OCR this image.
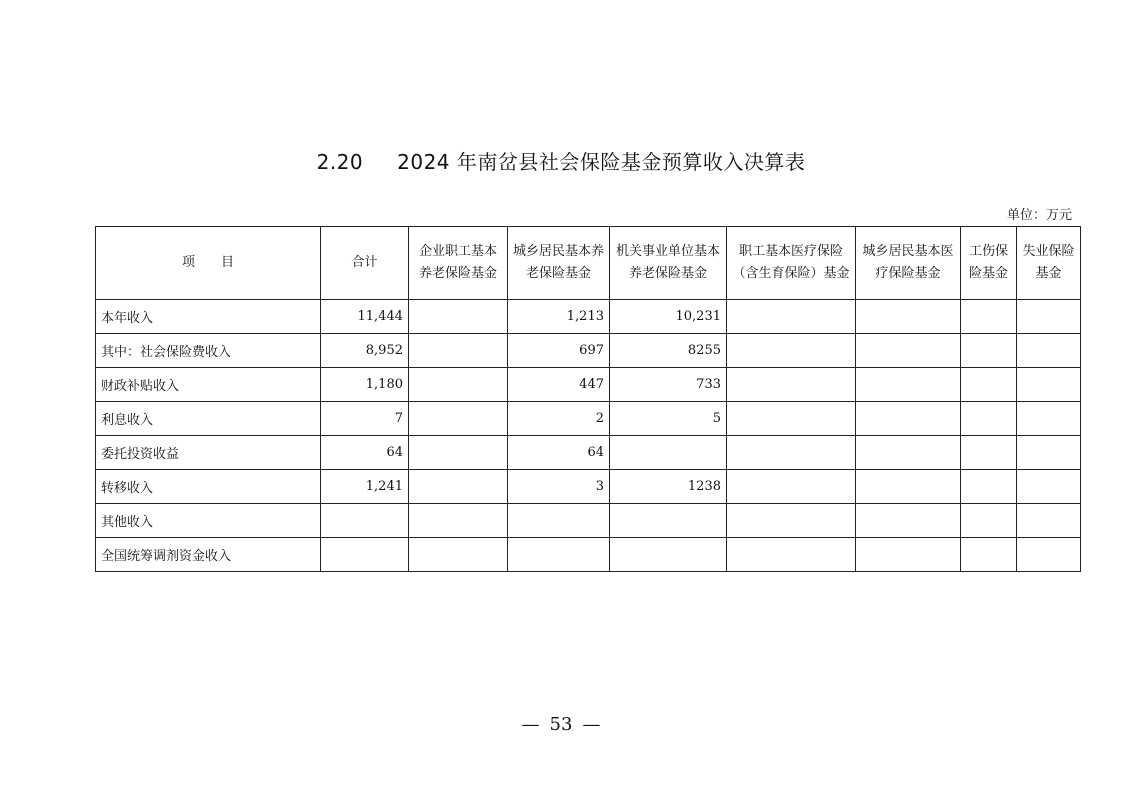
2.20 2024 年南岔县社会保险基金预算收入决算表
单位：万元
项　　目	合计	企业职工基本养老保险基金	城乡居民基本养老保险基金	机关事业单位基本养老保险基金	职工基本医疗保险（含生育保险）基金	城乡居民基本医疗保险基金	工伤保险基金	失业保险基金
本年收入	11,444		1,213	10,231				
其中：社会保险费收入	8,952		697	8255				
财政补贴收入	1,180		447	733				
利息收入	7		2	5				
委托投资收益	64		64					
转移收入	1,241		3	1238				
其他收入								
全国统筹调剂资金收入								
— 53 —
